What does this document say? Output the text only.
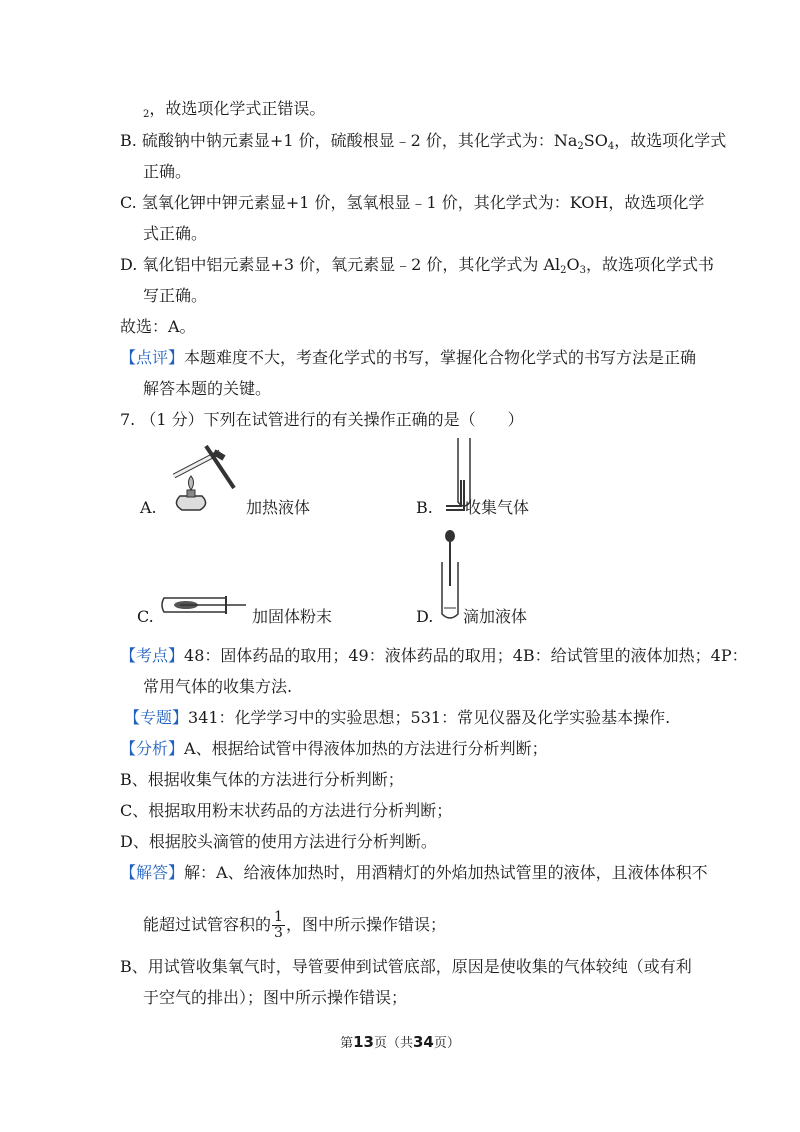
$_2$，故选项化学式正错误。
B. 硫酸钠中钠元素显+1 价，硫酸根显﹣2 价，其化学式为：$Na_2SO_4$，故选项化学式
正确。
C. 氢氧化钾中钾元素显+1 价，氢氧根显﹣1 价，其化学式为：KOH，故选项化学
式正确。
D. 氧化铝中铝元素显+3 价，氧元素显﹣2 价，其化学式为 $Al_2O_3$，故选项化学式书
写正确。
故选：A。
【点评】本题难度不大，考查化学式的书写，掌握化合物化学式的书写方法是正确
解答本题的关键。
7. （1 分）下列在试管进行的有关操作正确的是（　　）
A.	加热液体	B. 收集气体
C.	加固体粉末	D. 滴加液体
【考点】48：固体药品的取用；49：液体药品的取用；4B：给试管里的液体加热；4P：
常用气体的收集方法.
【专题】341：化学学习中的实验思想；531：常见仪器及化学实验基本操作.
【分析】A、根据给试管中得液体加热的方法进行分析判断；
B、根据收集气体的方法进行分析判断；
C、根据取用粉末状药品的方法进行分析判断；
D、根据胶头滴管的使用方法进行分析判断。
【解答】解：A、给液体加热时，用酒精灯的外焰加热试管里的液体，且液体体积不
能超过试管容积的 $\frac{1}{3}$ ，图中所示操作错误；
B、用试管收集氧气时，导管要伸到试管底部，原因是使收集的气体较纯（或有利
于空气的排出）；图中所示操作错误；
第13页（共34页）
